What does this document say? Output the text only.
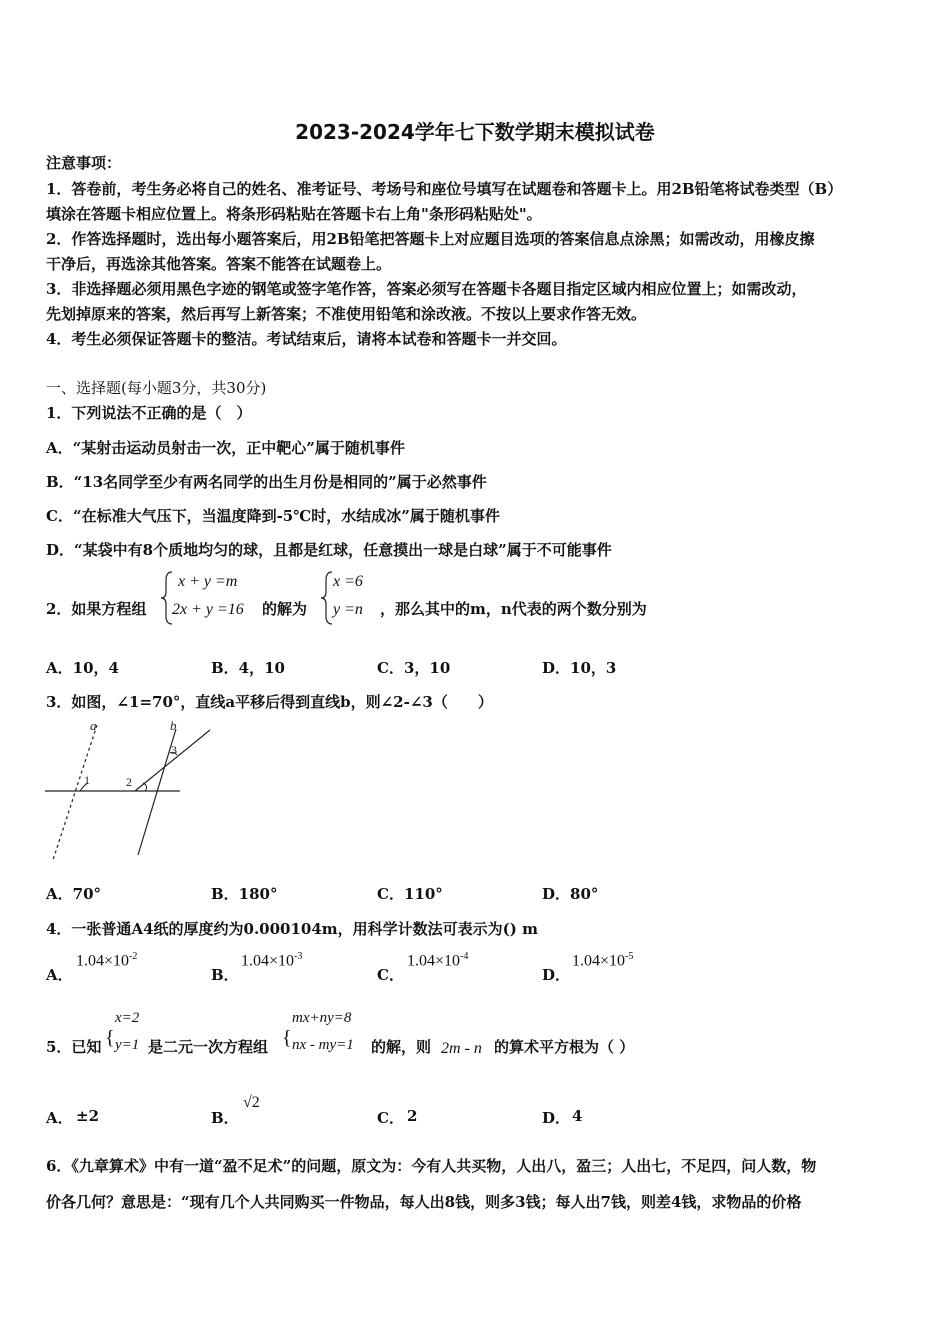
2023-2024学年七下数学期末模拟试卷
注意事项：
1．答卷前，考生务必将自己的姓名、准考证号、考场号和座位号填写在试题卷和答题卡上。用2B铅笔将试卷类型（B）
填涂在答题卡相应位置上。将条形码粘贴在答题卡右上角"条形码粘贴处"。
2．作答选择题时，选出每小题答案后，用2B铅笔把答题卡上对应题目选项的答案信息点涂黑；如需改动，用橡皮擦
干净后，再选涂其他答案。答案不能答在试题卷上。
3．非选择题必须用黑色字迹的钢笔或签字笔作答，答案必须写在答题卡各题目指定区域内相应位置上；如需改动，
先划掉原来的答案，然后再写上新答案；不准使用铅笔和涂改液。不按以上要求作答无效。
4．考生必须保证答题卡的整洁。考试结束后，请将本试卷和答题卡一并交回。
一、选择题(每小题3分，共30分)
1．下列说法不正确的是（　）
A．“某射击运动员射击一次，正中靶心”属于随机事件
B．“13名同学至少有两名同学的出生月份是相同的”属于必然事件
C．“在标准大气压下，当温度降到-5℃时，水结成冰”属于随机事件
D．“某袋中有8个质地均匀的球，且都是红球，任意摸出一球是白球”属于不可能事件
2．如果方程组
x + y =m
2x + y =16 的解为
x =6
y =n ，那么其中的m，n代表的两个数分别为
A．10，4	B．4，10	C．3，10	D．10，3
3．如图，∠1=70°，直线a平移后得到直线b，则∠2-∠3（　　）
a	b
1	2
3
A．70°	B．180°	C．110°	D．80°
4．一张普通A4纸的厚度约为0.000104m，用科学计数法可表示为() m
A．
$1.04\times 10^{-2}$
B．
$1.04\times 10^{-3}$
C．
$1.04\times 10^{-4}$
D．
$1.04\times 10^{-5}$
5．已知 {
x=2
y=1 是二元一次方程组 {
mx+ny=8
nx - my=1 的解，则 2m - n 的算术平方根为（ ）
A． ±2	B．
√2
C． 2	D． 4
6．《九章算术》中有一道“盈不足术”的问题，原文为：今有人共买物，人出八，盈三；人出七，不足四，问人数，物
价各几何？意思是：“现有几个人共同购买一件物品，每人出8钱，则多3钱；每人出7钱，则差4钱，求物品的价格
